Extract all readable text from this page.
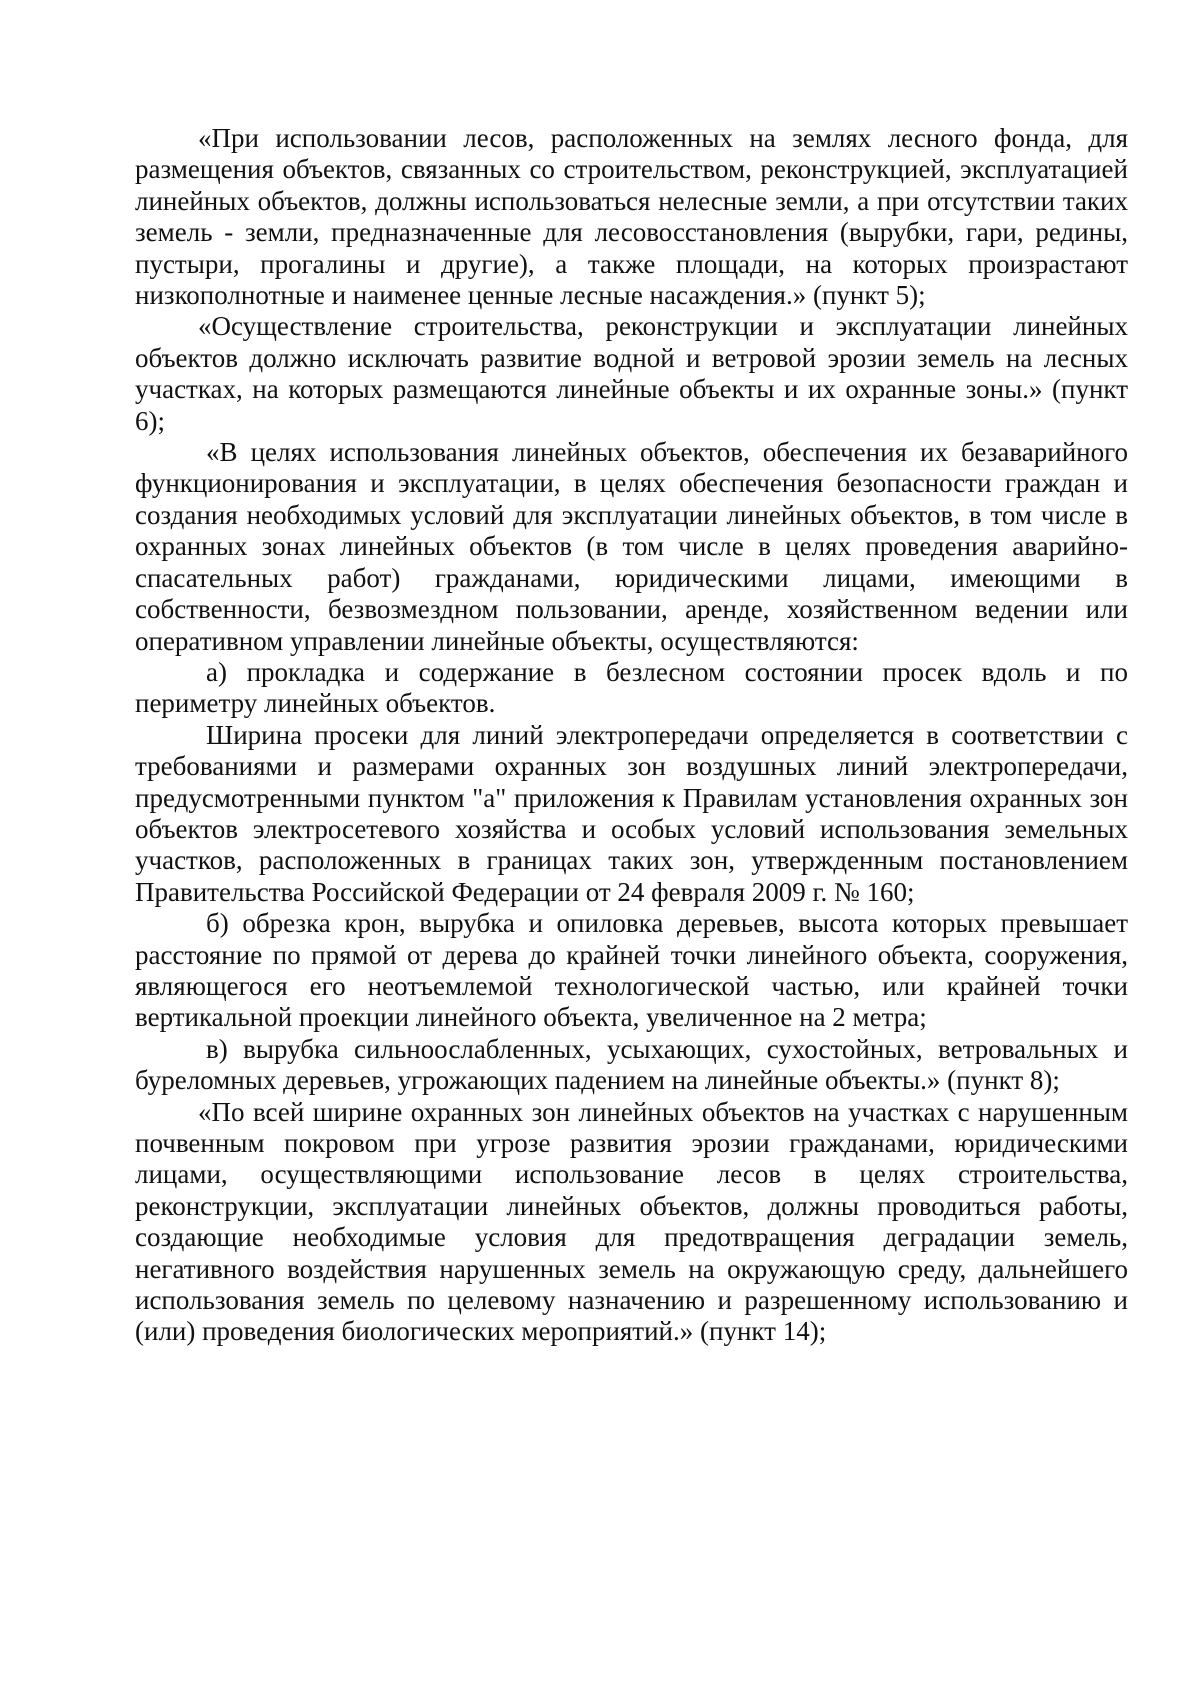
«При использовании лесов, расположенных на землях лесного фонда, для размещения объектов, связанных со строительством, реконструкцией, эксплуатацией линейных объектов, должны использоваться нелесные земли, а при отсутствии таких земель - земли, предназначенные для лесовосстановления (вырубки, гари, редины, пустыри, прогалины и другие), а также площади, на которых произрастают низкополнотные и наименее ценные лесные насаждения.» (пункт 5);

«Осуществление строительства, реконструкции и эксплуатации линейных объектов должно исключать развитие водной и ветровой эрозии земель на лесных участках, на которых размещаются линейные объекты и их охранные зоны.» (пункт 6);

«В целях использования линейных объектов, обеспечения их безаварийного функционирования и эксплуатации, в целях обеспечения безопасности граждан и создания необходимых условий для эксплуатации линейных объектов, в том числе в охранных зонах линейных объектов (в том числе в целях проведения аварийно-спасательных работ) гражданами, юридическими лицами, имеющими в собственности, безвозмездном пользовании, аренде, хозяйственном ведении или оперативном управлении линейные объекты, осуществляются:

а) прокладка и содержание в безлесном состоянии просек вдоль и по периметру линейных объектов.

Ширина просеки для линий электропередачи определяется в соответствии с требованиями и размерами охранных зон воздушных линий электропередачи, предусмотренными пунктом "а" приложения к Правилам установления охранных зон объектов электросетевого хозяйства и особых условий использования земельных участков, расположенных в границах таких зон, утвержденным постановлением Правительства Российской Федерации от 24 февраля 2009 г. № 160;

б) обрезка крон, вырубка и опиловка деревьев, высота которых превышает расстояние по прямой от дерева до крайней точки линейного объекта, сооружения, являющегося его неотъемлемой технологической частью, или крайней точки вертикальной проекции линейного объекта, увеличенное на 2 метра;

в) вырубка сильноослабленных, усыхающих, сухостойных, ветровальных и буреломных деревьев, угрожающих падением на линейные объекты.» (пункт 8);

«По всей ширине охранных зон линейных объектов на участках с нарушенным почвенным покровом при угрозе развития эрозии гражданами, юридическими лицами, осуществляющими использование лесов в целях строительства, реконструкции, эксплуатации линейных объектов, должны проводиться работы, создающие необходимые условия для предотвращения деградации земель, негативного воздействия нарушенных земель на окружающую среду, дальнейшего использования земель по целевому назначению и разрешенному использованию и (или) проведения биологических мероприятий.» (пункт 14);
